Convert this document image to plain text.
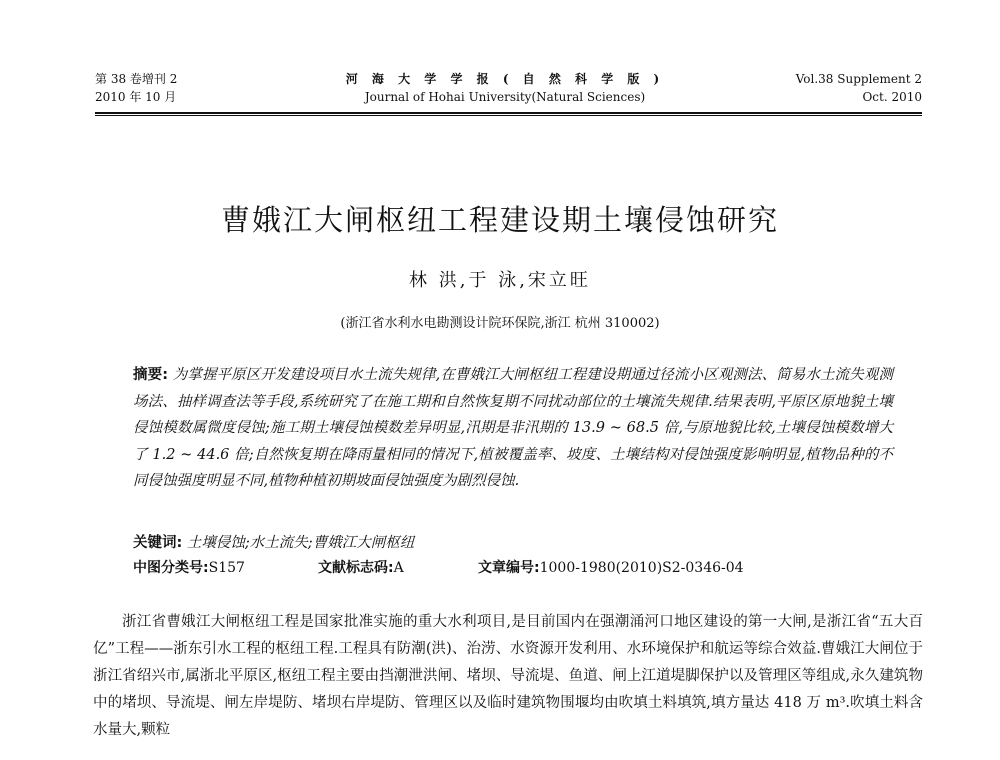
第 38 卷增刊 2
2010 年 10 月
河 海 大 学 学 报 ( 自 然 科 学 版 )
Journal of Hohai University(Natural Sciences)
Vol.38 Supplement 2
Oct. 2010
曹娥江大闸枢纽工程建设期土壤侵蚀研究
林 洪,于 泳,宋立旺
(浙江省水利水电勘测设计院环保院,浙江 杭州 310002)
摘要: 为掌握平原区开发建设项目水土流失规律,在曹娥江大闸枢纽工程建设期通过径流小区观测法、简易水土流失观测场法、抽样调查法等手段,系统研究了在施工期和自然恢复期不同扰动部位的土壤流失规律.结果表明,平原区原地貌土壤侵蚀模数属微度侵蚀;施工期土壤侵蚀模数差异明显,汛期是非汛期的 13.9 ~ 68.5 倍,与原地貌比较,土壤侵蚀模数增大了 1.2 ~ 44.6 倍;自然恢复期在降雨量相同的情况下,植被覆盖率、坡度、土壤结构对侵蚀强度影响明显,植物品种的不同侵蚀强度明显不同,植物种植初期坡面侵蚀强度为剧烈侵蚀.
关键词: 土壤侵蚀;水土流失;曹娥江大闸枢纽
中图分类号:S157	文献标志码:A	文章编号:1000-1980(2010)S2-0346-04
浙江省曹娥江大闸枢纽工程是国家批准实施的重大水利项目,是目前国内在强潮涌河口地区建设的第一大闸,是浙江省“五大百亿”工程——浙东引水工程的枢纽工程.工程具有防潮(洪)、治涝、水资源开发利用、水环境保护和航运等综合效益.曹娥江大闸位于浙江省绍兴市,属浙北平原区,枢纽工程主要由挡潮泄洪闸、堵坝、导流堤、鱼道、闸上江道堤脚保护以及管理区等组成,永久建筑物中的堵坝、导流堤、闸左岸堤防、堵坝右岸堤防、管理区以及临时建筑物围堰均由吹填土料填筑,填方量达 418 万 m³.吹填土料含水量大,颗粒
